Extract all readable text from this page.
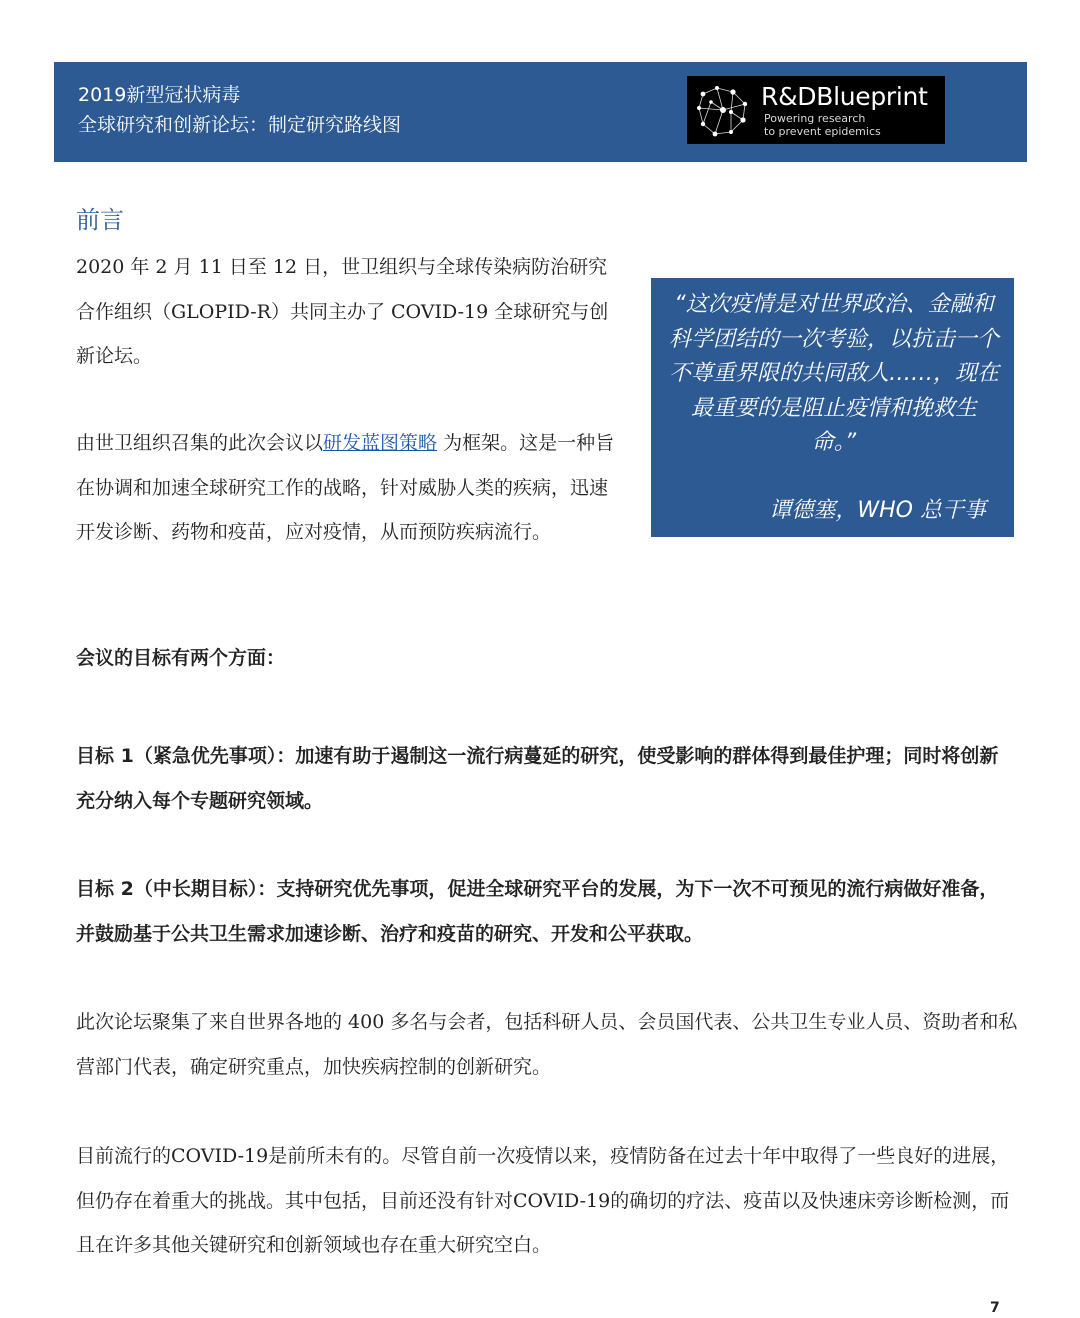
2019新型冠状病毒
全球研究和创新论坛：制定研究路线图
R&DBlueprint
Powering research
to prevent epidemics
前言
2020 年 2 月 11 日至 12 日，世卫组织与全球传染病防治研究合作组织（GLOPID-R）共同主办了 COVID-19 全球研究与创新论坛。
由世卫组织召集的此次会议以研发蓝图策略 为框架。这是一种旨在协调和加速全球研究工作的战略，针对威胁人类的疾病，迅速开发诊断、药物和疫苗，应对疫情，从而预防疾病流行。
“这次疫情是对世界政治、金融和科学团结的一次考验，以抗击一个不尊重界限的共同敌人……，现在最重要的是阻止疫情和挽救生命。”
谭德塞，WHO 总干事
会议的目标有两个方面：
目标 1（紧急优先事项）：加速有助于遏制这一流行病蔓延的研究，使受影响的群体得到最佳护理；同时将创新充分纳入每个专题研究领域。
目标 2（中长期目标）：支持研究优先事项，促进全球研究平台的发展，为下一次不可预见的流行病做好准备，并鼓励基于公共卫生需求加速诊断、治疗和疫苗的研究、开发和公平获取。
此次论坛聚集了来自世界各地的 400 多名与会者，包括科研人员、会员国代表、公共卫生专业人员、资助者和私营部门代表，确定研究重点，加快疾病控制的创新研究。
目前流行的COVID-19是前所未有的。尽管自前一次疫情以来，疫情防备在过去十年中取得了一些良好的进展，但仍存在着重大的挑战。其中包括，目前还没有针对COVID-19的确切的疗法、疫苗以及快速床旁诊断检测，而且在许多其他关键研究和创新领域也存在重大研究空白。
7
